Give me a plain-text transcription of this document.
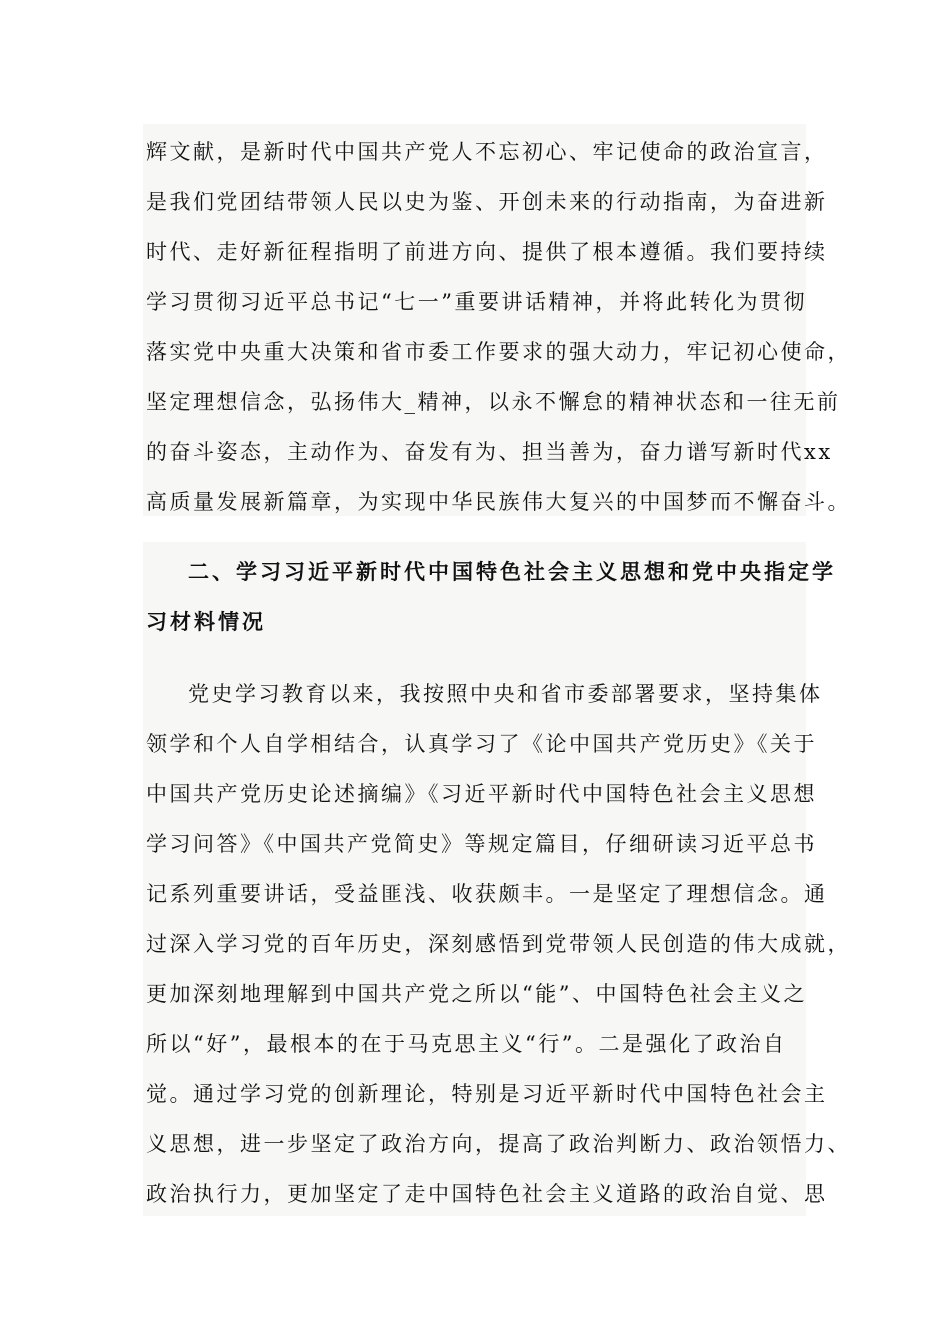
辉文献，是新时代中国共产党人不忘初心、牢记使命的政治宣言，
是我们党团结带领人民以史为鉴、开创未来的行动指南，为奋进新
时代、走好新征程指明了前进方向、提供了根本遵循。我们要持续
学习贯彻习近平总书记“七一”重要讲话精神，并将此转化为贯彻
落实党中央重大决策和省市委工作要求的强大动力，牢记初心使命，
坚定理想信念，弘扬伟大_精神，以永不懈怠的精神状态和一往无前
的奋斗姿态，主动作为、奋发有为、担当善为，奋力谱写新时代xx
高质量发展新篇章，为实现中华民族伟大复兴的中国梦而不懈奋斗。
二、学习习近平新时代中国特色社会主义思想和党中央指定学
习材料情况
党史学习教育以来，我按照中央和省市委部署要求，坚持集体
领学和个人自学相结合，认真学习了《论中国共产党历史》《关于
中国共产党历史论述摘编》《习近平新时代中国特色社会主义思想
学习问答》《中国共产党简史》等规定篇目，仔细研读习近平总书
记系列重要讲话，受益匪浅、收获颇丰。一是坚定了理想信念。通
过深入学习党的百年历史，深刻感悟到党带领人民创造的伟大成就，
更加深刻地理解到中国共产党之所以“能”、中国特色社会主义之
所以“好”，最根本的在于马克思主义“行”。二是强化了政治自
觉。通过学习党的创新理论，特别是习近平新时代中国特色社会主
义思想，进一步坚定了政治方向，提高了政治判断力、政治领悟力、
政治执行力，更加坚定了走中国特色社会主义道路的政治自觉、思
